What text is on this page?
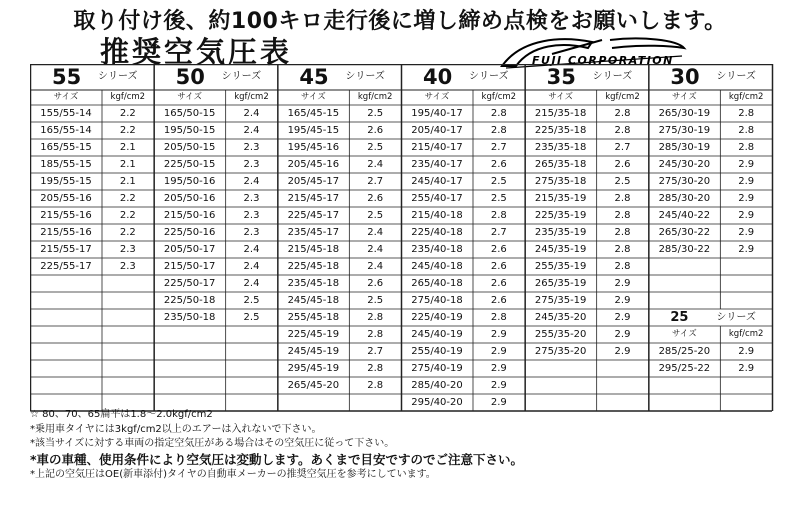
取り付け後、約100キロ走行後に増し締め点検をお願いします。
推奨空気圧表	FUJI CORPORATION
55	シリーズ
サイズ	kgf/cm2
155/55-14	2.2
165/55-14	2.2
165/55-15	2.1
185/55-15	2.1
195/55-15	2.1
205/55-16	2.2
215/55-16	2.2
215/55-16	2.2
215/55-17	2.3
225/55-17	2.3
50	シリーズ
サイズ	kgf/cm2
165/50-15	2.4
195/50-15	2.4
205/50-15	2.3
225/50-15	2.3
195/50-16	2.4
205/50-16	2.3
215/50-16	2.3
225/50-16	2.3
205/50-17	2.4
215/50-17	2.4
225/50-17	2.4
225/50-18	2.5
235/50-18	2.5
45	シリーズ
サイズ	kgf/cm2
165/45-15	2.5
195/45-15	2.6
195/45-16	2.5
205/45-16	2.4
205/45-17	2.7
215/45-17	2.6
225/45-17	2.5
235/45-17	2.4
215/45-18	2.4
225/45-18	2.4
235/45-18	2.6
245/45-18	2.5
255/45-18	2.8
225/45-19	2.8
245/45-19	2.7
295/45-19	2.8
265/45-20	2.8
40	シリーズ
サイズ	kgf/cm2
195/40-17	2.8
205/40-17	2.8
215/40-17	2.7
235/40-17	2.6
245/40-17	2.5
255/40-17	2.5
215/40-18	2.8
225/40-18	2.7
235/40-18	2.6
245/40-18	2.6
265/40-18	2.6
275/40-18	2.6
225/40-19	2.8
245/40-19	2.9
255/40-19	2.9
275/40-19	2.9
285/40-20	2.9
295/40-20	2.9
35	シリーズ
サイズ	kgf/cm2
215/35-18	2.8
225/35-18	2.8
235/35-18	2.7
265/35-18	2.6
275/35-18	2.5
215/35-19	2.8
225/35-19	2.8
235/35-19	2.8
245/35-19	2.8
255/35-19	2.8
265/35-19	2.9
275/35-19	2.9
245/35-20	2.9
255/35-20	2.9
275/35-20	2.9
30	シリーズ
サイズ	kgf/cm2
265/30-19	2.8
275/30-19	2.8
285/30-19	2.8
245/30-20	2.9
275/30-20	2.9
285/30-20	2.9
245/40-22	2.9
265/30-22	2.9
285/30-22	2.9
25	シリーズ
サイズ	kgf/cm2
285/25-20	2.9
295/25-22	2.9
☆ 80、70、65扁平は1.8～2.0kgf/cm2
*乗用車タイヤには3kgf/cm2以上のエアーは入れないで下さい。
*該当サイズに対する車両の指定空気圧がある場合はその空気圧に従って下さい。
*車の車種、使用条件により空気圧は変動します。あくまで目安ですのでご注意下さい。
*上記の空気圧はOE(新車添付)タイヤの自動車メーカーの推奨空気圧を参考にしています。
